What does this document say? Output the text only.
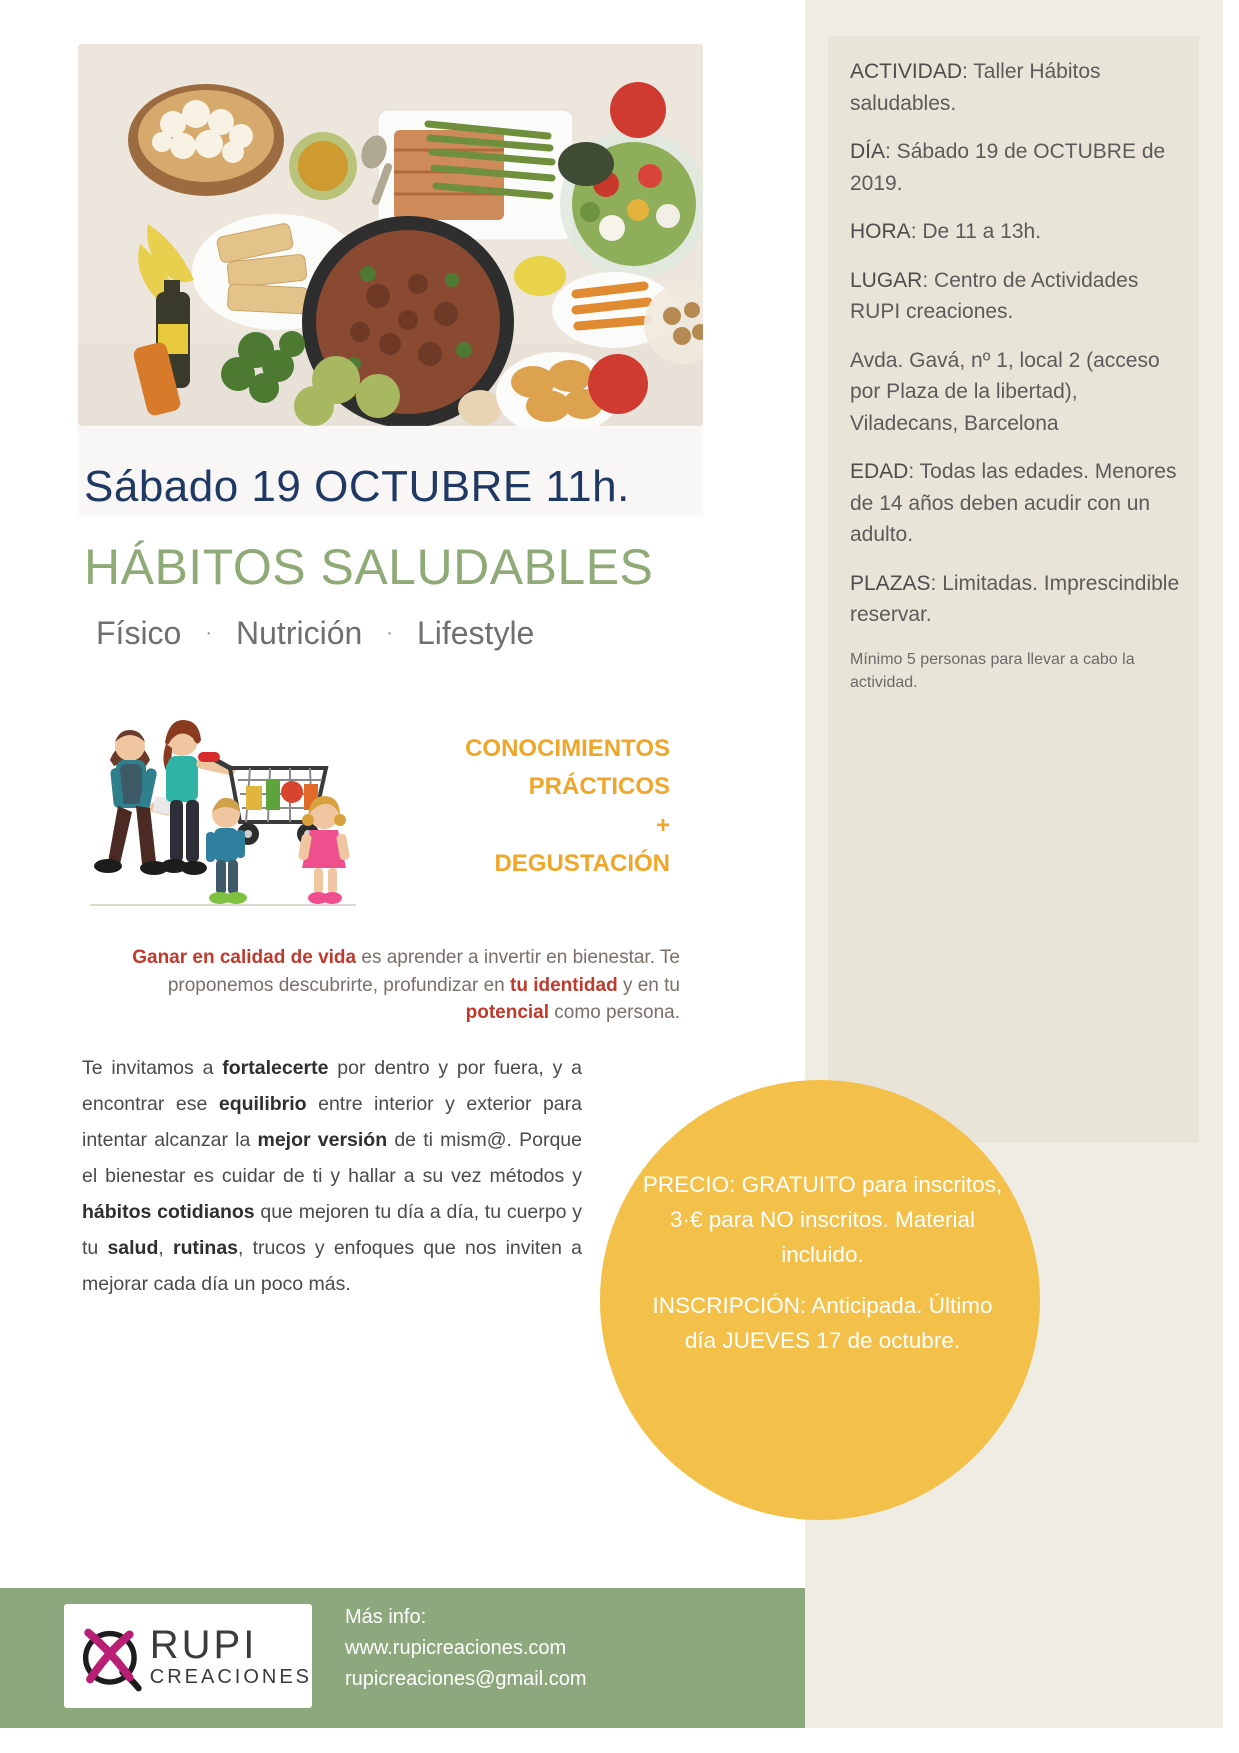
Sábado 19 OCTUBRE 11h.
HÁBITOS SALUDABLES
Físico · Nutrición · Lifestyle
CONOCIMIENTOS
PRÁCTICOS
+
DEGUSTACIÓN
Ganar en calidad de vida es aprender a invertir en bienestar. Te proponemos descubrirte, profundizar en tu identidad y en tu potencial como persona.
Te invitamos a fortalecerte por dentro y por fuera, y a encontrar ese equilibrio entre interior y exterior para intentar alcanzar la mejor versión de ti mism@. Porque el bienestar es cuidar de ti y hallar a su vez métodos y hábitos cotidianos que mejoren tu día a día, tu cuerpo y tu salud, rutinas, trucos y enfoques que nos inviten a mejorar cada día un poco más.
ACTIVIDAD: Taller Hábitos saludables.
DÍA: Sábado 19 de OCTUBRE de 2019.
HORA: De 11 a 13h.
LUGAR: Centro de Actividades RUPI creaciones.
Avda. Gavá, nº 1, local 2 (acceso por Plaza de la libertad), Viladecans, Barcelona
EDAD: Todas las edades. Menores de 14 años deben acudir con un adulto.
PLAZAS: Limitadas. Imprescindible reservar.
Mínimo 5 personas para llevar a cabo la actividad.
PRECIO: GRATUITO para inscritos, 3·€ para NO inscritos. Material incluido.
INSCRIPCIÓN: Anticipada. Último día JUEVES 17 de octubre.
RUPI
CREACIONES
Más info:
www.rupicreaciones.com
rupicreaciones@gmail.com
